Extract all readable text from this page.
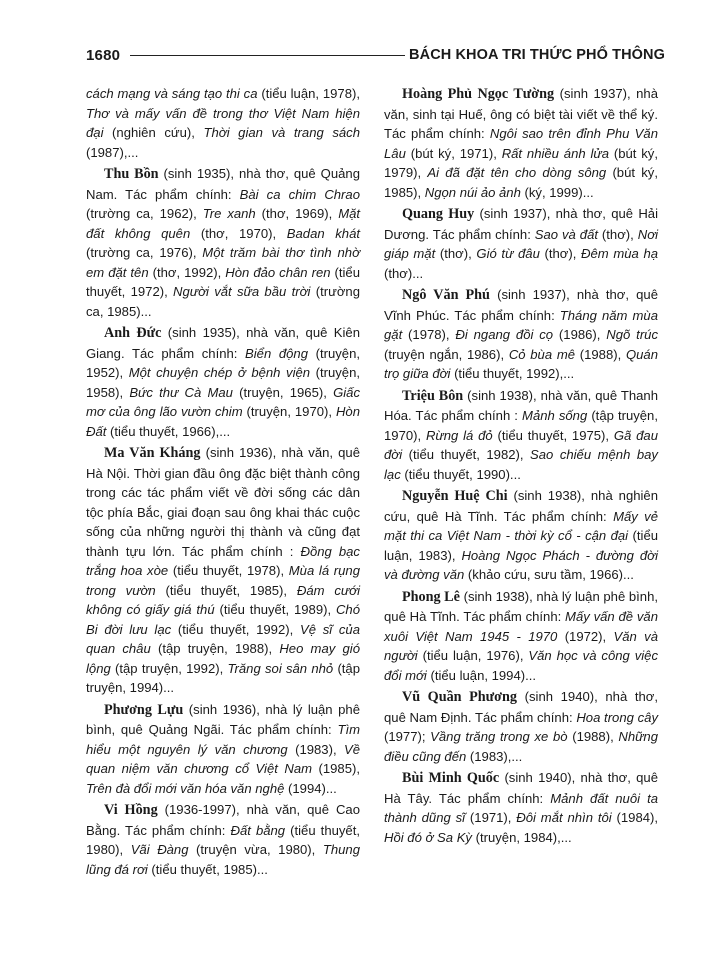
1680	BÁCH KHOA TRI THỨC PHỔ THÔNG

cách mạng và sáng tạo thi ca (tiểu luận, 1978), Thơ và mấy vấn đề trong thơ Việt Nam hiện đại (nghiên cứu), Thời gian và trang sách (1987),...

Thu Bồn (sinh 1935), nhà thơ, quê Quảng Nam. Tác phẩm chính: Bài ca chim Chrao (trường ca, 1962), Tre xanh (thơ, 1969), Mặt đất không quên (thơ, 1970), Badan khát (trường ca, 1976), Một trăm bài thơ tình nhờ em đặt tên (thơ, 1992), Hòn đảo chân ren (tiểu thuyết, 1972), Người vắt sữa bầu trời (trường ca, 1985)...

Anh Đức (sinh 1935), nhà văn, quê Kiên Giang. Tác phẩm chính: Biển động (truyện, 1952), Một chuyện chép ở bệnh viện (truyện, 1958), Bức thư Cà Mau (truyện, 1965), Giấc mơ của ông lão vườn chim (truyện, 1970), Hòn Đất (tiểu thuyết, 1966),...

Ma Văn Kháng (sinh 1936), nhà văn, quê Hà Nội. Thời gian đầu ông đặc biệt thành công trong các tác phẩm viết về đời sống các dân tộc phía Bắc, giai đoạn sau ông khai thác cuộc sống của những người thị thành và cũng đạt thành tựu lớn. Tác phẩm chính : Đồng bạc trắng hoa xòe (tiểu thuyết, 1978), Mùa lá rụng trong vườn (tiểu thuyết, 1985), Đám cưới không có giấy giá thú (tiểu thuyết, 1989), Chó Bi đời lưu lạc (tiểu thuyết, 1992), Vệ sĩ của quan châu (tập truyện, 1988), Heo may gió lộng (tập truyện, 1992), Trăng soi sân nhỏ (tập truyện, 1994)...

Phương Lựu (sinh 1936), nhà lý luận phê bình, quê Quảng Ngãi. Tác phẩm chính: Tìm hiểu một nguyên lý văn chương (1983), Về quan niệm văn chương cổ Việt Nam (1985), Trên đà đổi mới văn hóa văn nghệ (1994)...

Vi Hồng (1936-1997), nhà văn, quê Cao Bằng. Tác phẩm chính: Đất bằng (tiểu thuyết, 1980), Vãi Đàng (truyện vừa, 1980), Thung lũng đá rơi (tiểu thuyết, 1985)...

Hoàng Phủ Ngọc Tường (sinh 1937), nhà văn, sinh tại Huế, ông có biệt tài viết về thể ký. Tác phẩm chính: Ngôi sao trên đỉnh Phu Văn Lâu (bút ký, 1971), Rất nhiều ánh lửa (bút ký, 1979), Ai đã đặt tên cho dòng sông (bút ký, 1985), Ngọn núi ảo ảnh (ký, 1999)...

Quang Huy (sinh 1937), nhà thơ, quê Hải Dương. Tác phẩm chính: Sao và đất (thơ), Nơi giáp mặt (thơ), Gió từ đâu (thơ), Đêm mùa hạ (thơ)...

Ngô Văn Phú (sinh 1937), nhà thơ, quê Vĩnh Phúc. Tác phẩm chính: Tháng năm mùa gặt (1978), Đi ngang đồi cọ (1986), Ngõ trúc (truyện ngắn, 1986), Cỏ bùa mê (1988), Quán trọ giữa đời (tiểu thuyết, 1992),...

Triệu Bôn (sinh 1938), nhà văn, quê Thanh Hóa. Tác phẩm chính : Mảnh sống (tập truyện, 1970), Rừng lá đỏ (tiểu thuyết, 1975), Gã đau đời (tiểu thuyết, 1982), Sao chiếu mệnh bay lạc (tiểu thuyết, 1990)...

Nguyễn Huệ Chi (sinh 1938), nhà nghiên cứu, quê Hà Tĩnh. Tác phẩm chính: Mấy vẻ mặt thi ca Việt Nam - thời kỳ cổ - cận đại (tiểu luận, 1983), Hoàng Ngọc Phách - đường đời và đường văn (khảo cứu, sưu tầm, 1966)...

Phong Lê (sinh 1938), nhà lý luận phê bình, quê Hà Tĩnh. Tác phẩm chính: Mấy vấn đề văn xuôi Việt Nam 1945 - 1970 (1972), Văn và người (tiểu luận, 1976), Văn học và công việc đổi mới (tiểu luận, 1994)...

Vũ Quần Phương (sinh 1940), nhà thơ, quê Nam Định. Tác phẩm chính: Hoa trong cây (1977); Vầng trăng trong xe bò (1988), Những điều cũng đến (1983),...

Bùi Minh Quốc (sinh 1940), nhà thơ, quê Hà Tây. Tác phẩm chính: Mảnh đất nuôi ta thành dũng sĩ (1971), Đôi mắt nhìn tôi (1984), Hồi đó ở Sa Kỳ (truyện, 1984),...
